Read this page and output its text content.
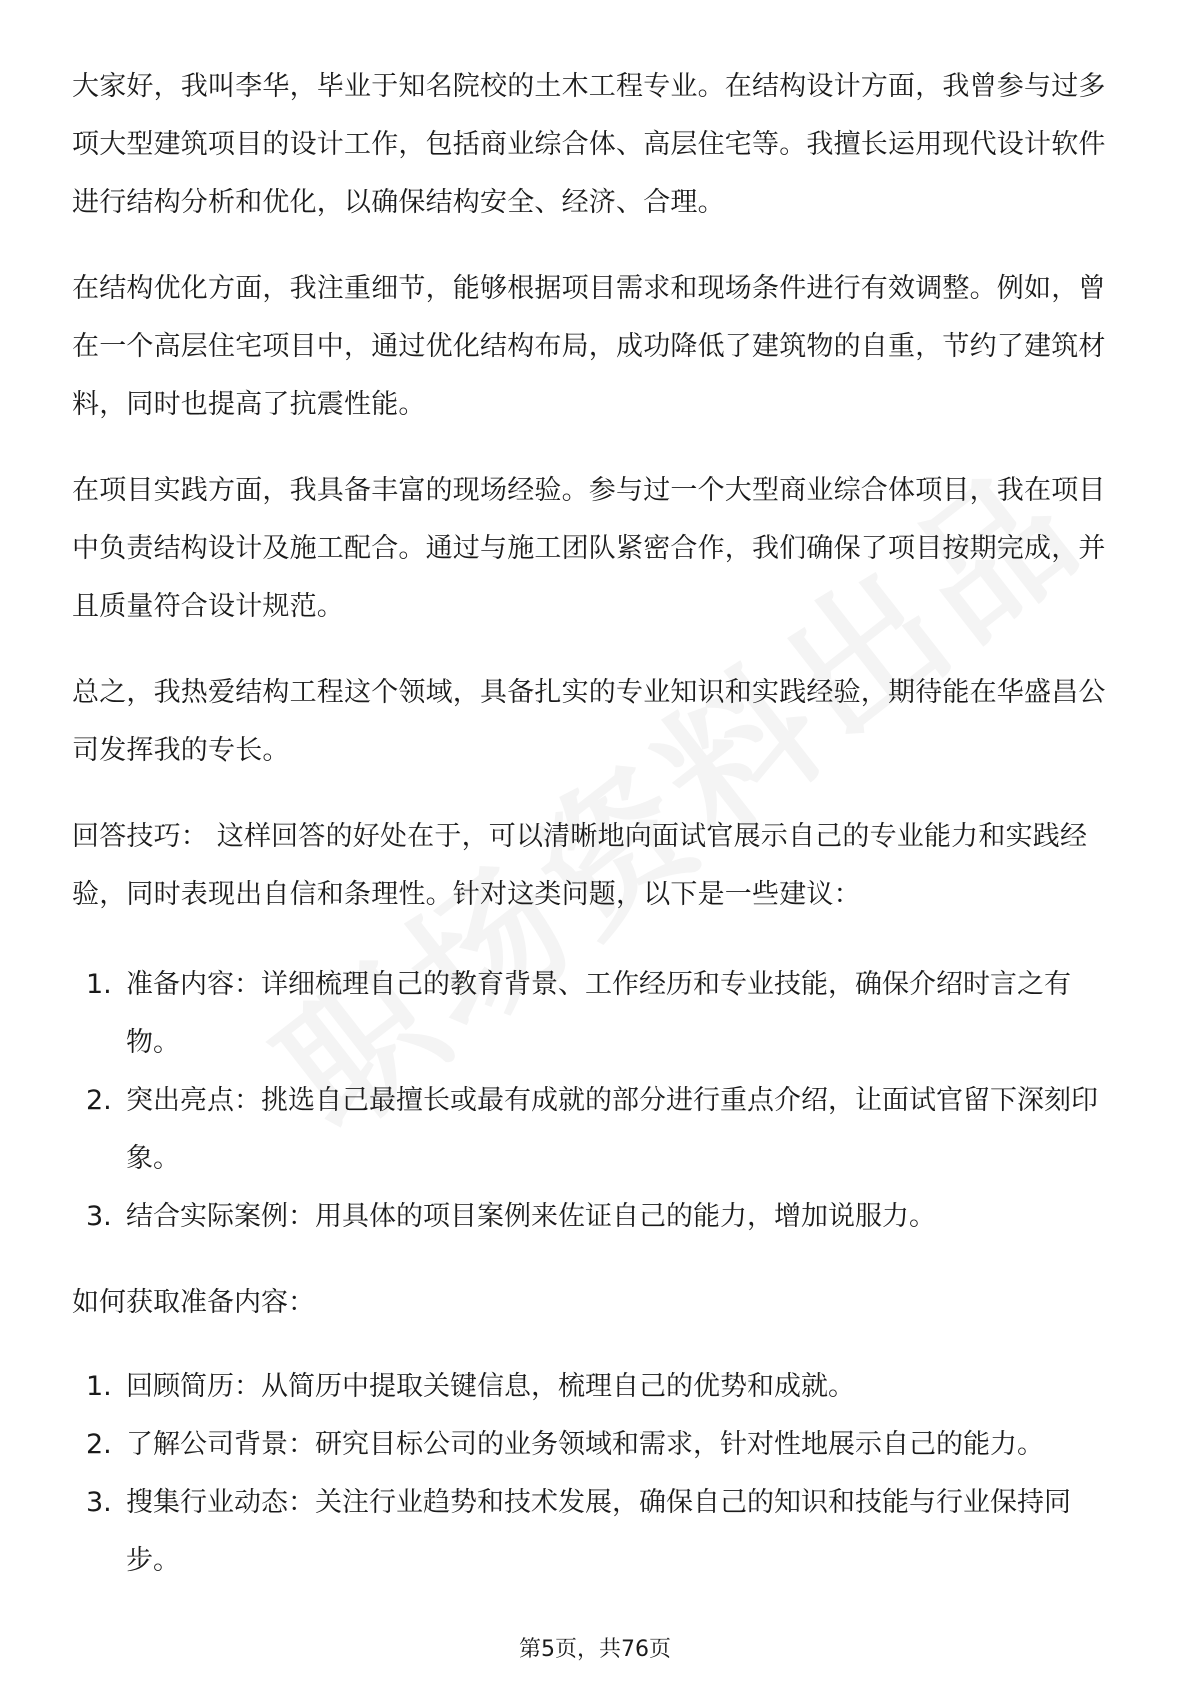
大家好，我叫李华，毕业于知名院校的土木工程专业。在结构设计方面，我曾参与过多项大型建筑项目的设计工作，包括商业综合体、高层住宅等。我擅长运用现代设计软件进行结构分析和优化，以确保结构安全、经济、合理。

在结构优化方面，我注重细节，能够根据项目需求和现场条件进行有效调整。例如，曾在一个高层住宅项目中，通过优化结构布局，成功降低了建筑物的自重，节约了建筑材料，同时也提高了抗震性能。

在项目实践方面，我具备丰富的现场经验。参与过一个大型商业综合体项目，我在项目中负责结构设计及施工配合。通过与施工团队紧密合作，我们确保了项目按期完成，并且质量符合设计规范。

总之，我热爱结构工程这个领域，具备扎实的专业知识和实践经验，期待能在华盛昌公司发挥我的专长。

回答技巧： 这样回答的好处在于，可以清晰地向面试官展示自己的专业能力和实践经验，同时表现出自信和条理性。针对这类问题，以下是一些建议：

1. 准备内容：详细梳理自己的教育背景、工作经历和专业技能，确保介绍时言之有物。
2. 突出亮点：挑选自己最擅长或最有成就的部分进行重点介绍，让面试官留下深刻印象。
3. 结合实际案例：用具体的项目案例来佐证自己的能力，增加说服力。

如何获取准备内容：

1. 回顾简历：从简历中提取关键信息，梳理自己的优势和成就。
2. 了解公司背景：研究目标公司的业务领域和需求，针对性地展示自己的能力。
3. 搜集行业动态：关注行业趋势和技术发展，确保自己的知识和技能与行业保持同步。
第5页，共76页
